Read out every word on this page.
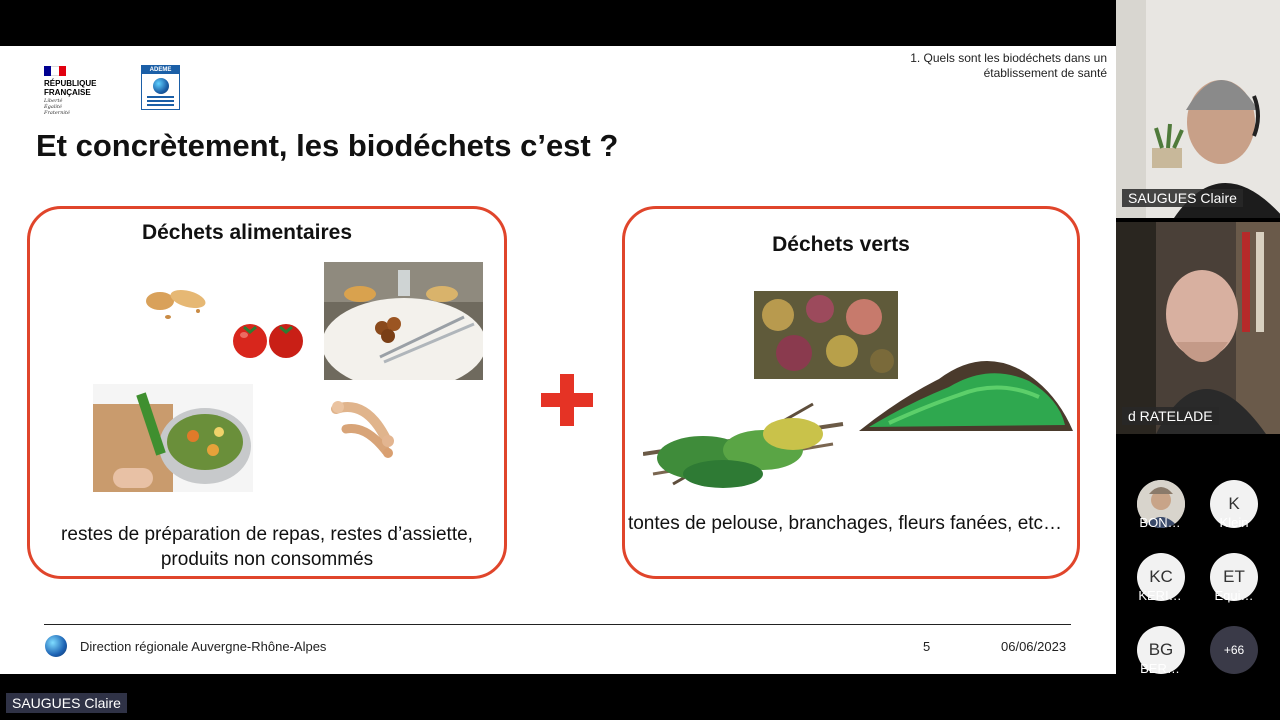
RÉPUBLIQUE
FRANÇAISE
Liberté
Égalité
Fraternité
ADEME
1. Quels sont les biodéchets dans un établissement de santé
Et concrètement, les biodéchets c’est ?
Déchets alimentaires
restes de préparation de repas, restes d’assiette, produits non consommés
Déchets verts
tontes de pelouse, branchages, fleurs fanées, etc…
Direction régionale Auvergne-Rhône-Alpes	5	06/06/2023
SAUGUES Claire
d RATELADE
BON…
K
Klein
KC
KERI…
ET
Equi…
BG
BER…
+66
SAUGUES Claire
